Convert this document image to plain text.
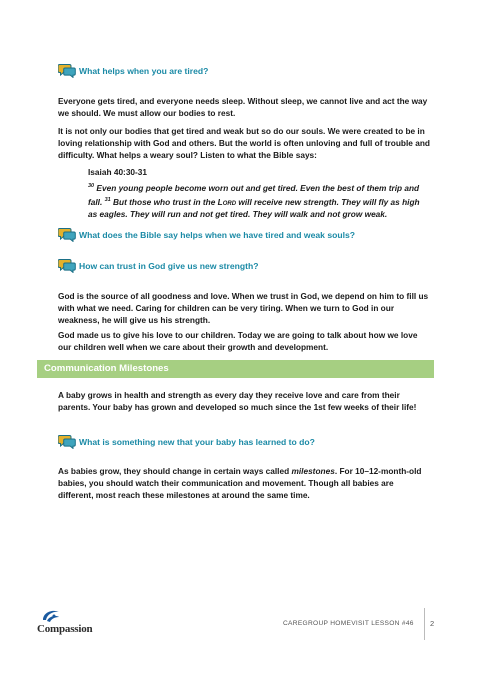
What helps when you are tired?

Everyone gets tired, and everyone needs sleep. Without sleep, we cannot live and act the way we should. We must allow our bodies to rest.

It is not only our bodies that get tired and weak but so do our souls. We were created to be in loving relationship with God and others. But the world is often unloving and full of trouble and difficulty. What helps a weary soul? Listen to what the Bible says:

Isaiah 40:30-31

$^{30}$ Even young people become worn out and get tired. Even the best of them trip and fall. $^{31}$ But those who trust in the Lord will receive new strength. They will fly as high as eagles. They will run and not get tired. They will walk and not grow weak.

What does the Bible say helps when we have tired and weak souls?
How can trust in God give us new strength?

God is the source of all goodness and love. When we trust in God, we depend on him to fill us with what we need. Caring for children can be very tiring. When we turn to God in our weakness, he will give us his strength.

God made us to give his love to our children. Today we are going to talk about how we love our children well when we care about their growth and development.

Communication Milestones

A baby grows in health and strength as every day they receive love and care from their parents. Your baby has grown and developed so much since the 1st few weeks of their life!

What is something new that your baby has learned to do?

As babies grow, they should change in certain ways called milestones. For 10–12-month-old babies, you should watch their communication and movement. Though all babies are different, most reach these milestones at around the same time.

Compassion	CAREGROUP HOMEVISIT LESSON #46 2
